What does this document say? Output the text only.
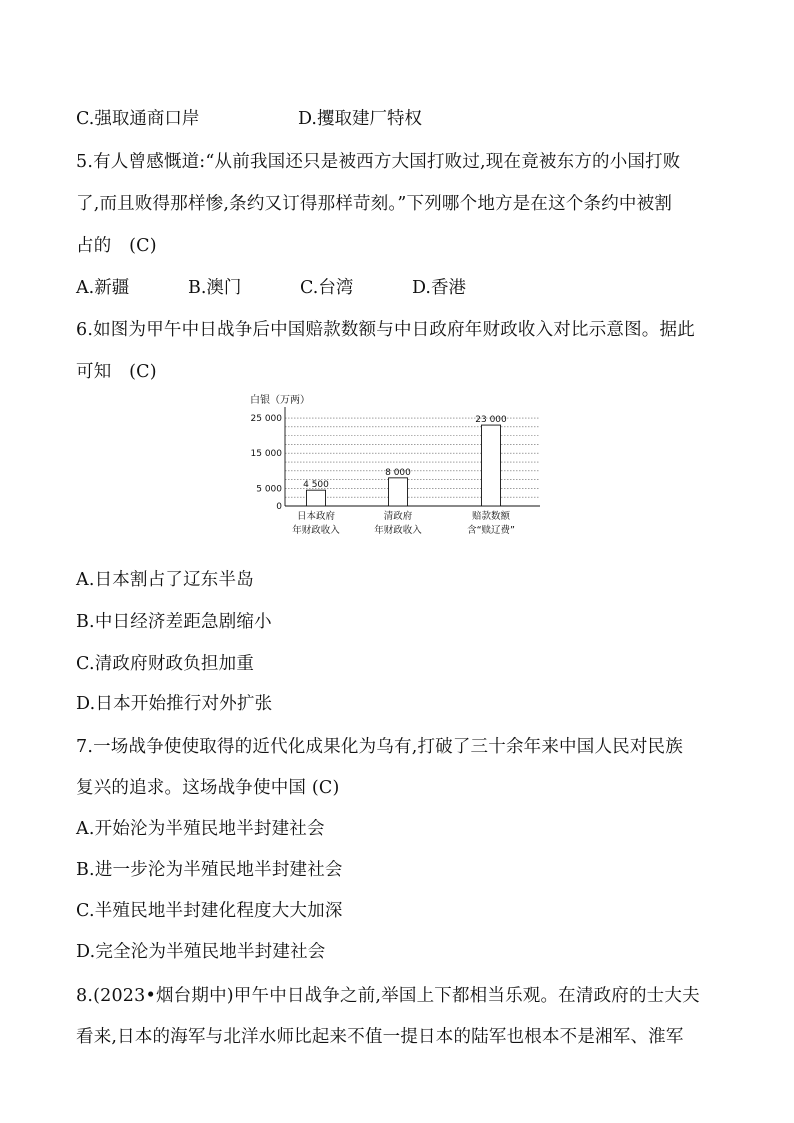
C.强取通商口岸	D.攫取建厂特权
5.有人曾感慨道:“从前我国还只是被西方大国打败过,现在竟被东方的小国打败
了,而且败得那样惨,条约又订得那样苛刻。”下列哪个地方是在这个条约中被割
占的　(C)
A.新疆	B.澳门	C.台湾	D.香港
6.如图为甲午中日战争后中国赔款数额与中日政府年财政收入对比示意图。据此
可知　(C)
白银（万两）
25 000
15 000
5 000
0
4 500
8 000
23 000
日本政府
年财政收入
清政府
年财政收入
赔款数额
含“赎辽费”
A.日本割占了辽东半岛
B.中日经济差距急剧缩小
C.清政府财政负担加重
D.日本开始推行对外扩张
7.一场战争使使取得的近代化成果化为乌有,打破了三十余年来中国人民对民族
复兴的追求。这场战争使中国 (C)
A.开始沦为半殖民地半封建社会
B.进一步沦为半殖民地半封建社会
C.半殖民地半封建化程度大大加深
D.完全沦为半殖民地半封建社会
8.(2023•烟台期中)甲午中日战争之前,举国上下都相当乐观。在清政府的士大夫
看来,日本的海军与北洋水师比起来不值一提日本的陆军也根本不是湘军、淮军
